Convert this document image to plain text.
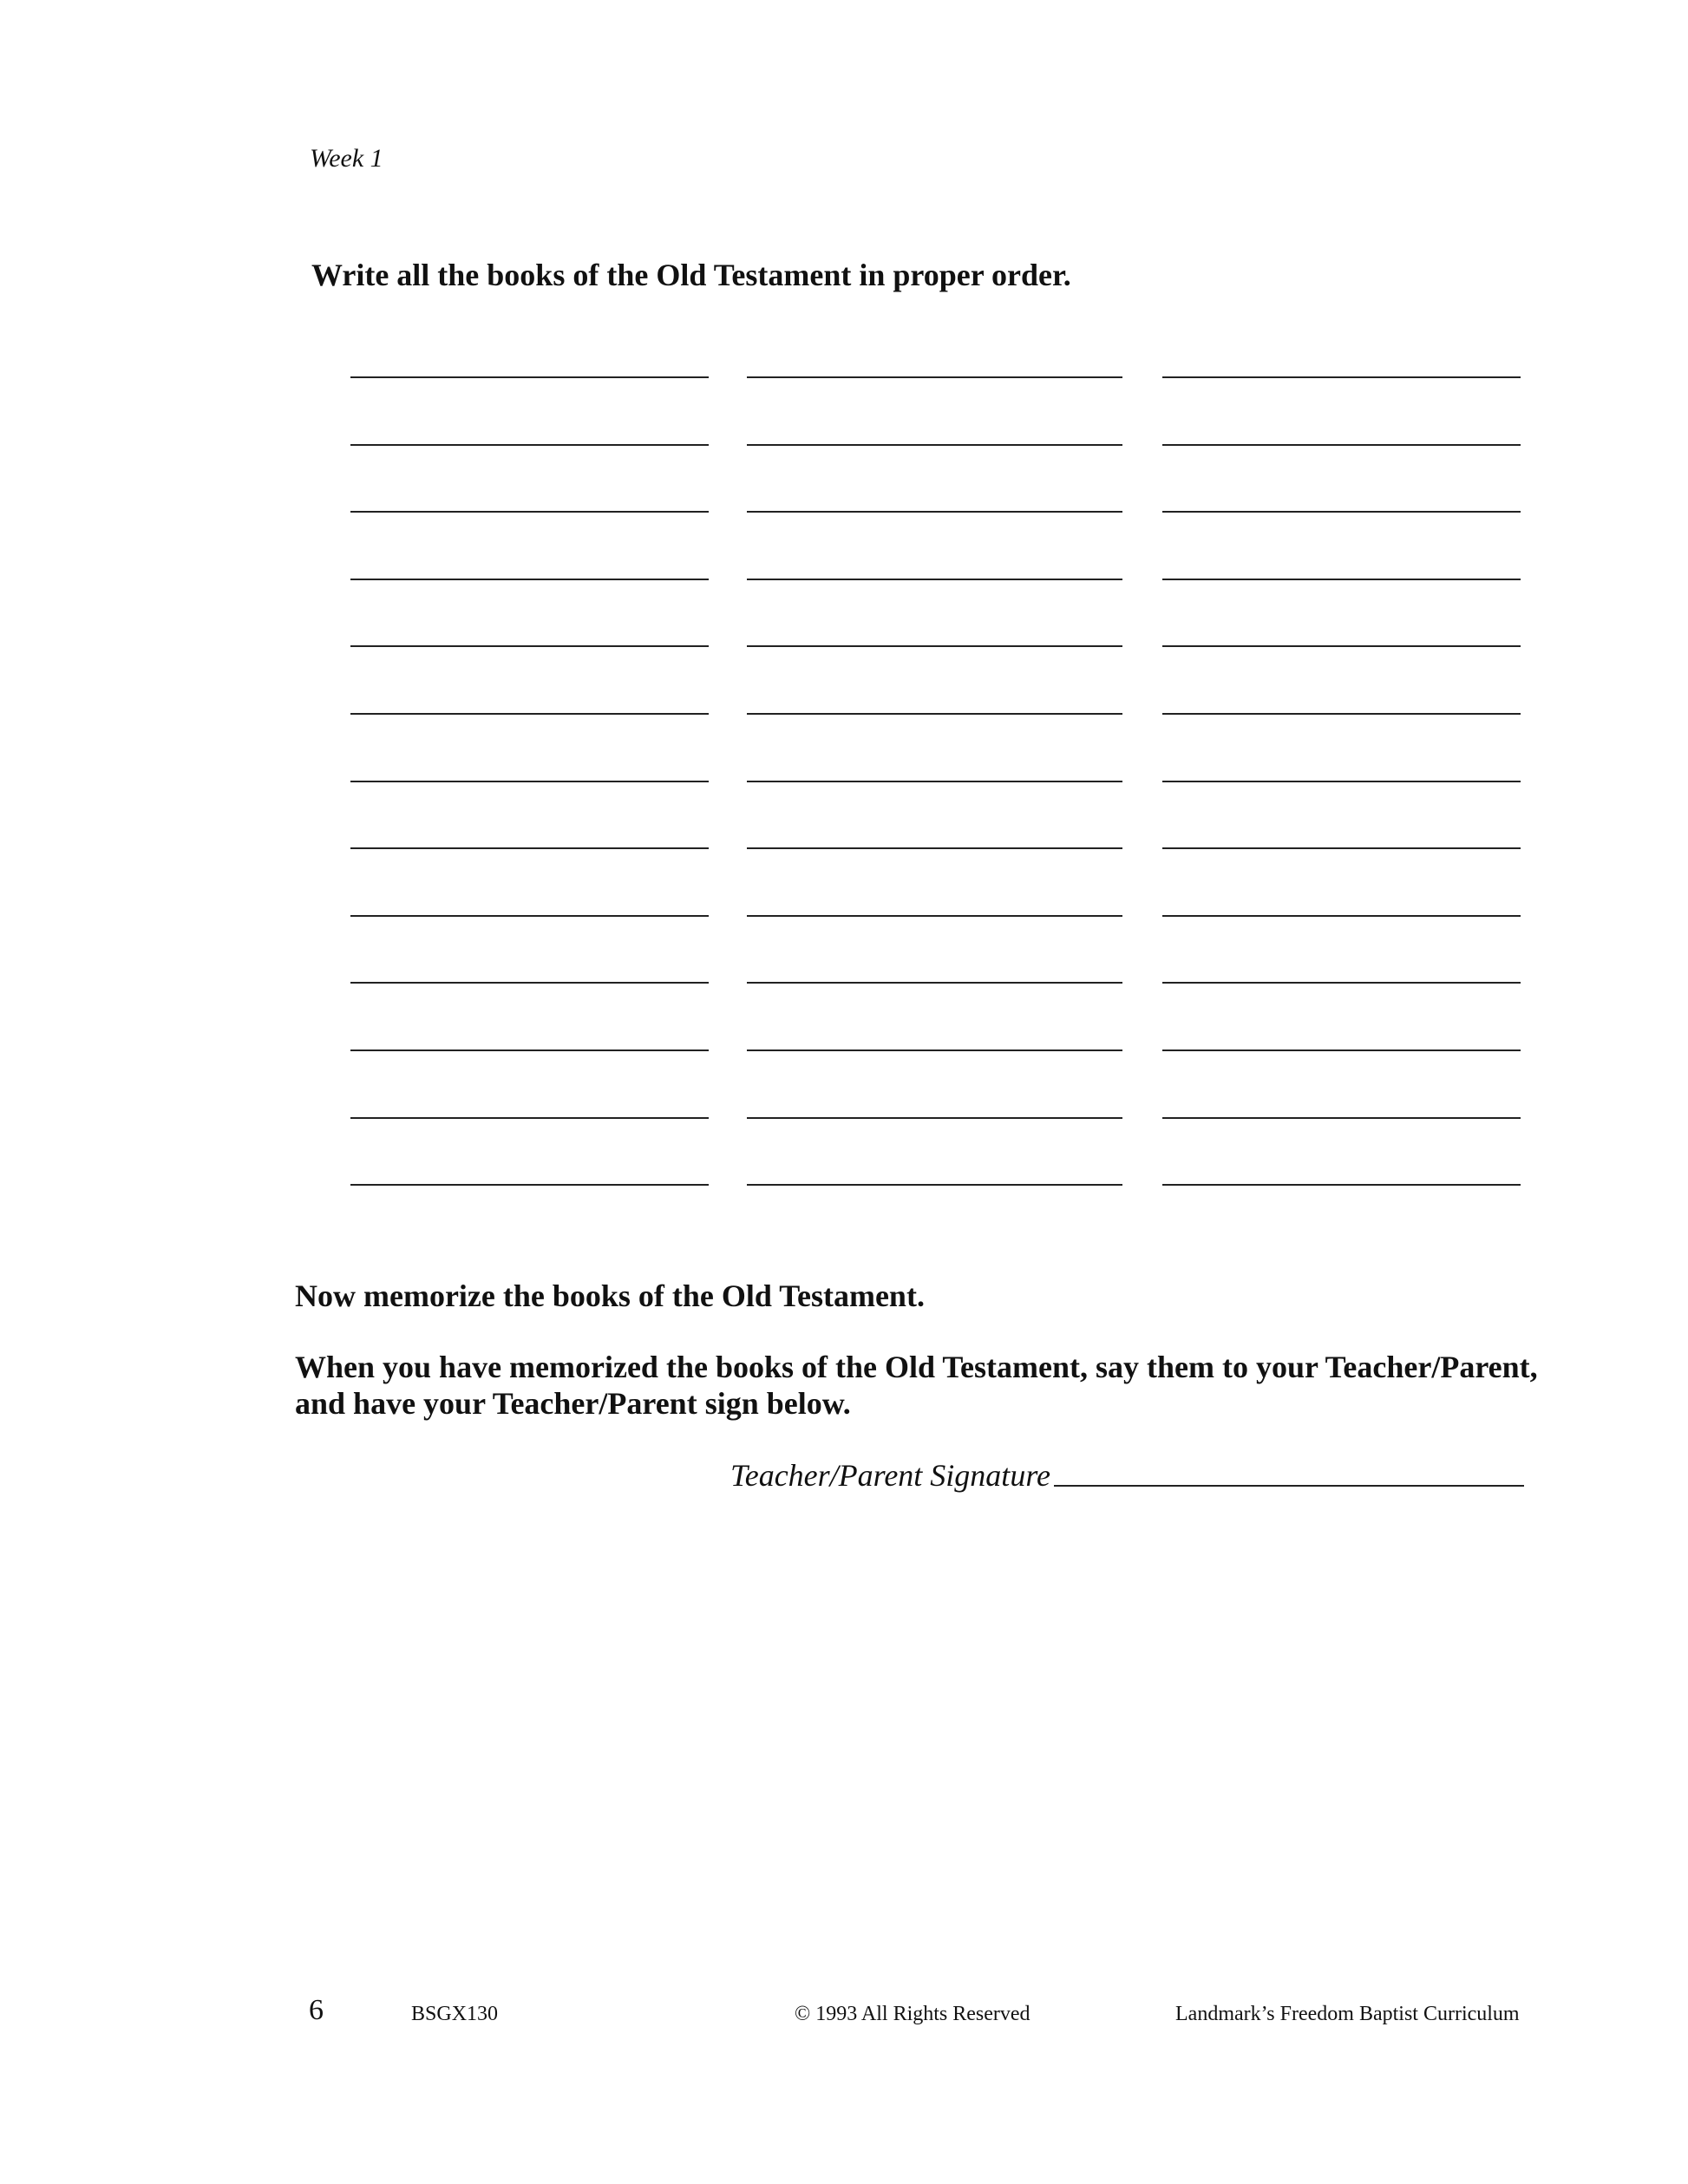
Week 1
Write all the books of the Old Testament in proper order.
Now memorize the books of the Old Testament.
When you have memorized the books of the Old Testament, say them to your Teacher/Parent,
and have your Teacher/Parent sign below.
Teacher/Parent Signature
6	BSGX130	© 1993 All Rights Reserved	Landmark’s Freedom Baptist Curriculum
